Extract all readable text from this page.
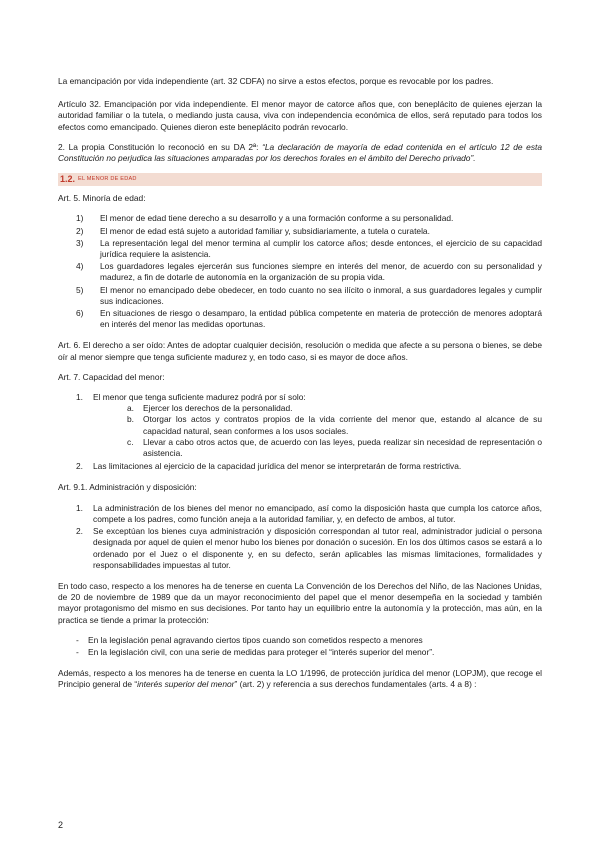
La emancipación por vida independiente (art. 32 CDFA) no sirve a estos efectos, porque es revocable por los padres.

Artículo 32. Emancipación por vida independiente. El menor mayor de catorce años que, con beneplácito de quienes ejerzan la autoridad familiar o la tutela, o mediando justa causa, viva con independencia económica de ellos, será reputado para todos los efectos como emancipado. Quienes dieron este beneplácito podrán revocarlo.

2. La propia Constitución lo reconoció en su DA 2ª: “La declaración de mayoría de edad contenida en el artículo 12 de esta Constitución no perjudica las situaciones amparadas por los derechos forales en el ámbito del Derecho privado”.

1.2. EL MENOR DE EDAD

Art. 5. Minoría de edad:

1)	El menor de edad tiene derecho a su desarrollo y a una formación conforme a su personalidad.
2)	El menor de edad está sujeto a autoridad familiar y, subsidiariamente, a tutela o curatela.
3)	La representación legal del menor termina al cumplir los catorce años; desde entonces, el ejercicio de su capacidad jurídica requiere la asistencia.
4)	Los guardadores legales ejercerán sus funciones siempre en interés del menor, de acuerdo con su personalidad y madurez, a fin de dotarle de autonomía en la organización de su propia vida.
5)	El menor no emancipado debe obedecer, en todo cuanto no sea ilícito o inmoral, a sus guardadores legales y cumplir sus indicaciones.
6)	En situaciones de riesgo o desamparo, la entidad pública competente en materia de protección de menores adoptará en interés del menor las medidas oportunas.

Art. 6. El derecho a ser oído: Antes de adoptar cualquier decisión, resolución o medida que afecte a su persona o bienes, se debe oír al menor siempre que tenga suficiente madurez y, en todo caso, si es mayor de doce años.

Art. 7. Capacidad del menor:

1.	El menor que tenga suficiente madurez podrá por sí solo:
a.	Ejercer los derechos de la personalidad.
b.	Otorgar los actos y contratos propios de la vida corriente del menor que, estando al alcance de su capacidad natural, sean conformes a los usos sociales.
c.	Llevar a cabo otros actos que, de acuerdo con las leyes, pueda realizar sin necesidad de representación o asistencia.
2.	Las limitaciones al ejercicio de la capacidad jurídica del menor se interpretarán de forma restrictiva.

Art. 9.1. Administración y disposición:

1.	La administración de los bienes del menor no emancipado, así como la disposición hasta que cumpla los catorce años, compete a los padres, como función aneja a la autoridad familiar, y, en defecto de ambos, al tutor.
2.	Se exceptúan los bienes cuya administración y disposición correspondan al tutor real, administrador judicial o persona designada por aquel de quien el menor hubo los bienes por donación o sucesión. En los dos últimos casos se estará a lo ordenado por el Juez o el disponente y, en su defecto, serán aplicables las mismas limitaciones, formalidades y responsabilidades impuestas al tutor.

En todo caso, respecto a los menores ha de tenerse en cuenta La Convención de los Derechos del Niño, de las Naciones Unidas, de 20 de noviembre de 1989 que da un mayor reconocimiento del papel que el menor desempeña en la sociedad y también mayor protagonismo del mismo en sus decisiones. Por tanto hay un equilibrio entre la autonomía y la protección, mas aún, en la practica se tiende a primar la protección:

-	En la legislación penal agravando ciertos tipos cuando son cometidos respecto a menores
-	En la legislación civil, con una serie de medidas para proteger el “interés superior del menor”.

Además, respecto a los menores ha de tenerse en cuenta la LO 1/1996, de protección jurídica del menor (LOPJM), que recoge el Principio general de “interés superior del menor” (art. 2) y referencia a sus derechos fundamentales (arts. 4 a 8) :

2
